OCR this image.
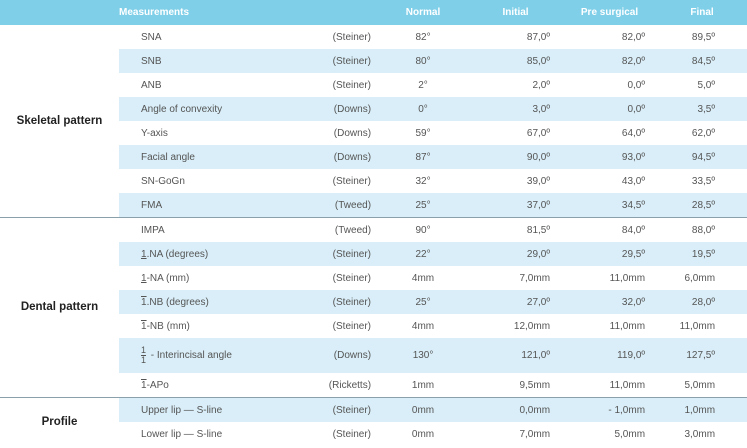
Measurements			Normal	Initial	Pre surgical	Final
Skeletal pattern	SNA	(Steiner)	82°	87,0º	82,0º	89,5º
	SNB	(Steiner)	80°	85,0º	82,0º	84,5º
	ANB	(Steiner)	2°	2,0º	0,0º	5,0º
	Angle of convexity	(Downs)	0°	3,0º	0,0º	3,5º
	Y-axis	(Downs)	59°	67,0º	64,0º	62,0º
	Facial angle	(Downs)	87°	90,0º	93,0º	94,5º
	SN-GoGn	(Steiner)	32°	39,0º	43,0º	33,5º
	FMA	(Tweed)	25°	37,0º	34,5º	28,5º
Dental pattern	IMPA	(Tweed)	90°	81,5º	84,0º	88,0º
	1.NA (degrees)	(Steiner)	22°	29,0º	29,5º	19,5º
	1-NA (mm)	(Steiner)	4mm	7,0mm	11,0mm	6,0mm
	1.NB (degrees)	(Steiner)	25°	27,0º	32,0º	28,0º
	1-NB (mm)	(Steiner)	4mm	12,0mm	11,0mm	11,0mm

	$\frac{1}{1}$ - Interincisal angle	(Downs)	130°	121,0º	119,0º	127,5º
	1-APo	(Ricketts)	1mm	9,5mm	11,0mm	5,0mm
Profile	Upper lip — S-line	(Steiner)	0mm	0,0mm	- 1,0mm	1,0mm
	Lower lip — S-line	(Steiner)	0mm	7,0mm	5,0mm	3,0mm
